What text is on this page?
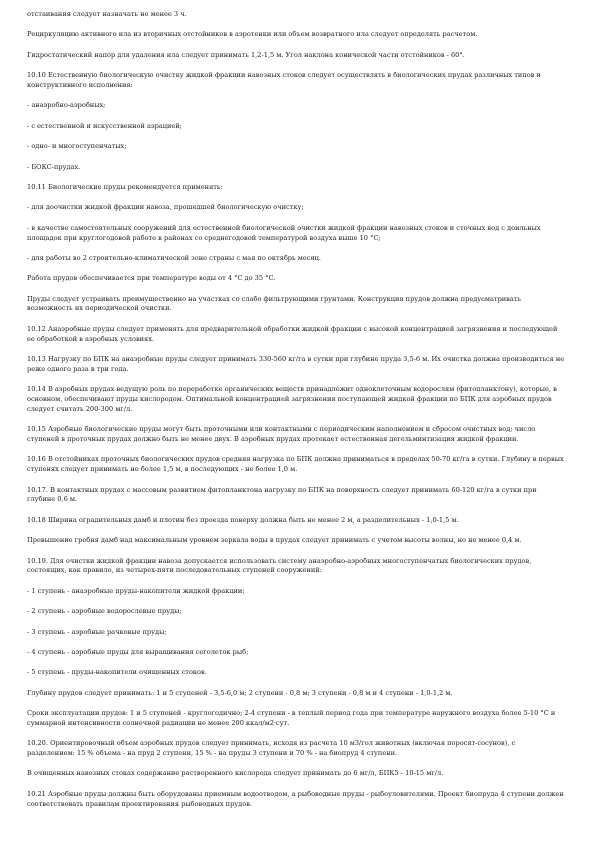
отстаивания следует назначать не менее 3 ч.

Рециркуляцию активного ила из вторичных отстойников в аэротенки или объем возвратного ила следует определять расчетом.

Гидростатический напор для удаления ила следует принимать 1,2-1,5 м. Угол наклона конической части отстойников - 60°.

10.10 Естественную биологическую очистку жидкой фракции навозных стоков следует осуществлять в биологических прудах различных типов и конструктивного исполнения:

- анаэробно-аэробных;

- с естественной и искусственной аэрацией;

- одно- и многоступенчатых;

- БОКС-прудах.

10.11 Биологические пруды рекомендуется применять:

- для доочистки жидкой фракции навоза, прошедшей биологическую очистку;

- в качестве самостоятельных сооружений для естественной биологической очистки жидкой фракции навозных стоков и сточных вод с доильных площадок при круглогодовой работе в районах со среднегодовой температурой воздуха выше 10 °С;

- для работы во 2 строительно-климатической зоне страны с мая по октябрь месяц.

Работа прудов обеспечивается при температуре воды от 4 °С до 35 °С.

Пруды следует устраивать преимущественно на участках со слабо фильтрующими грунтами. Конструкция прудов должна предусматривать возможность их периодической очистки.

10.12 Анаэробные пруды следует применять для предварительной обработки жидкой фракции с высокой концентрацией загрязнения и последующей ее обработкой в аэробных условиях.

10.13 Нагрузку по БПК на анаэробные пруды следует принимать 330-560 кг/га в сутки при глубине пруда 3,5-6 м. Их очистка должна производиться не реже одного раза в три года.

10.14 В аэробных прудах ведущую роль по переработке органических веществ принадлежит одноклеточным водорослям (фитопланктону), которые, в основном, обеспечивают пруды кислородом. Оптимальной концентрацией загрязнения поступающей жидкой фракции по БПК для аэробных прудов следует считать 200-300 мг/л.

10.15 Аэробные биологические пруды могут быть проточными или контактными с периодическим наполнением и сбросом очистных вод; число ступеней в проточных прудах должно быть не менее двух. В аэробных прудах протекает естественная дегельминтизация жидкой фракции.

10.16 В отстойниках проточных биологических прудов средняя нагрузка по БПК должна приниматься в пределах 50-70 кг/га в сутки. Глубину в первых ступенях следует принимать не более 1,5 м, в последующих - не более 1,0 м.

10.17. В контактных прудах с массовым развитием фитопланктона нагрузку по БПК на поверхность следует принимать 60-120 кг/га в сутки при глубине 0,6 м.

10.18 Ширина оградительных дамб и плотин без проезда поверху должна быть не менее 2 м, а разделительных - 1,0-1,5 м.

Превышение гребня дамб над максимальным уровнем зеркала воды в прудах следует принимать с учетом высоты волны, но не менее 0,4 м.

10.19. Для очистки жидкой фракции навоза допускается использовать систему анаэробно-аэробных многоступенчатых биологических прудов, состоящих, как правило, из четырех-пяти последовательных ступеней сооружений:

- 1 ступень - анаэробные пруды-накопители жидкой фракции;

- 2 ступень - аэробные водорослевые пруды;

- 3 ступень - аэробные рачковые пруды;

- 4 ступень - аэробные пруды для выращивания сеголеток рыб;

- 5 ступень - пруды-накопители очищенных стоков.

Глубину прудов следует принимать: 1 и 5 ступеней - 3,5-6,0 м; 2 ступени - 0,8 м; 3 ступени - 0,8 м и 4 ступени - 1,0-1,2 м.

Сроки эксплуатации прудов: 1 и 5 ступеней - круглогодично; 2-4 ступени - в теплый период года при температуре наружного воздуха более 5-10 °С и суммарной интенсивности солнечной радиации не менее 200 ккал/м2·сут.

10.20. Ориентировочный объем аэробных прудов следует принимать, исходя из расчета 10 м3/гол животных (включая поросят-сосунов), с разделением: 15 % объема - на пруд 2 ступени, 15 % - на пруды 3 ступени и 70 % - на биопруд 4 ступени.

В очищенных навозных стоках содержание растворенного кислорода следует принимать до 6 мг/л, БПК5 - 10-15 мг/л.

10.21 Аэробные пруды должны быть оборудованы приемным водоотводом, а рыбоводные пруды - рыбоуловителями. Проект биопруда 4 ступени должен соответствовать правилам проектирования рыбоводных прудов.
